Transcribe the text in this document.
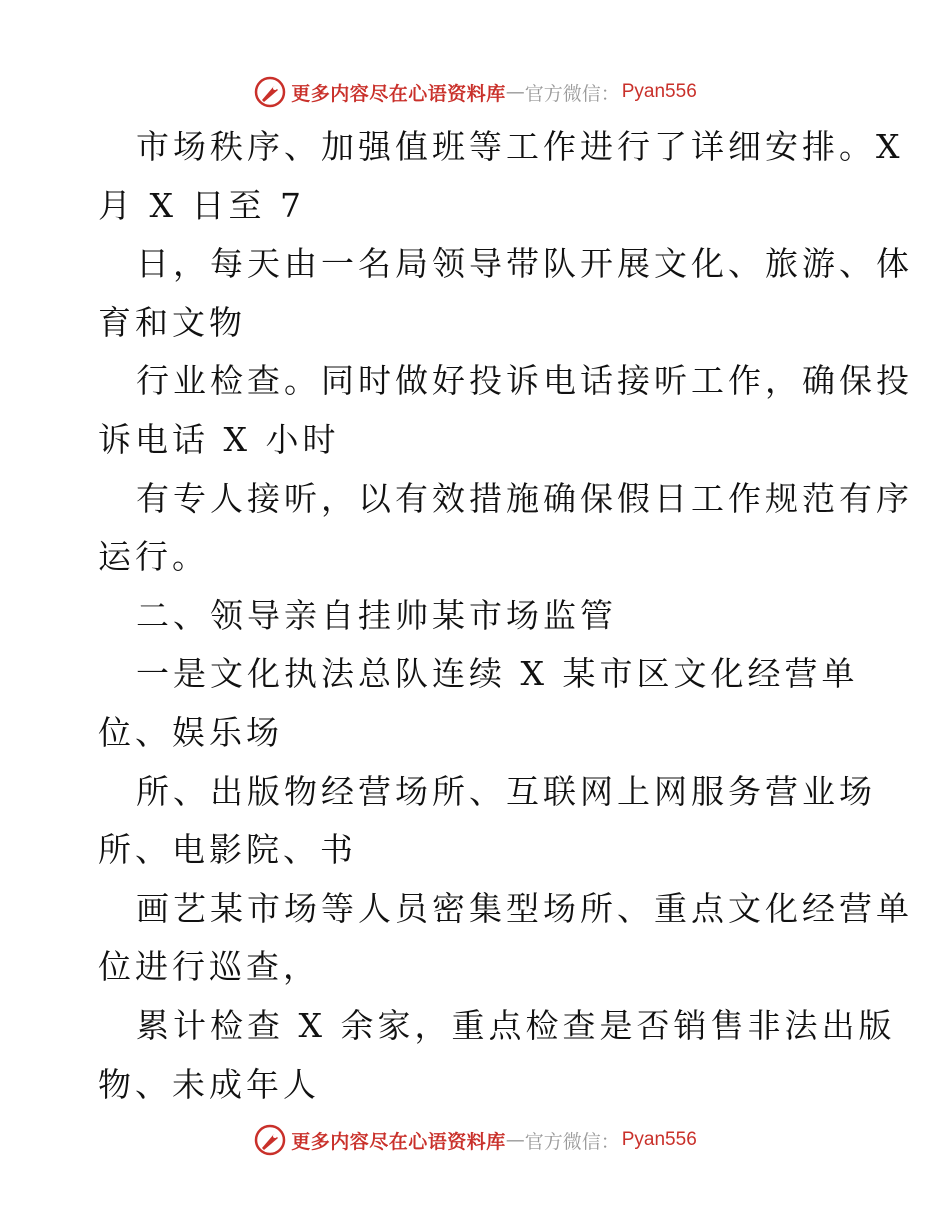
更多内容尽在心语资料库 — 官方微信： Pyan556
市场秩序、加强值班等工作进行了详细安排。X
月 X 日至 7
日，每天由一名局领导带队开展文化、旅游、体
育和文物
行业检查。同时做好投诉电话接听工作，确保投
诉电话 X 小时
有专人接听，以有效措施确保假日工作规范有序
运行。
二、领导亲自挂帅某市场监管
一是文化执法总队连续 X 某市区文化经营单
位、娱乐场
所、出版物经营场所、互联网上网服务营业场
所、电影院、书
画艺某市场等人员密集型场所、重点文化经营单
位进行巡查，
累计检查 X 余家，重点检查是否销售非法出版
物、未成年人
更多内容尽在心语资料库 — 官方微信： Pyan556
